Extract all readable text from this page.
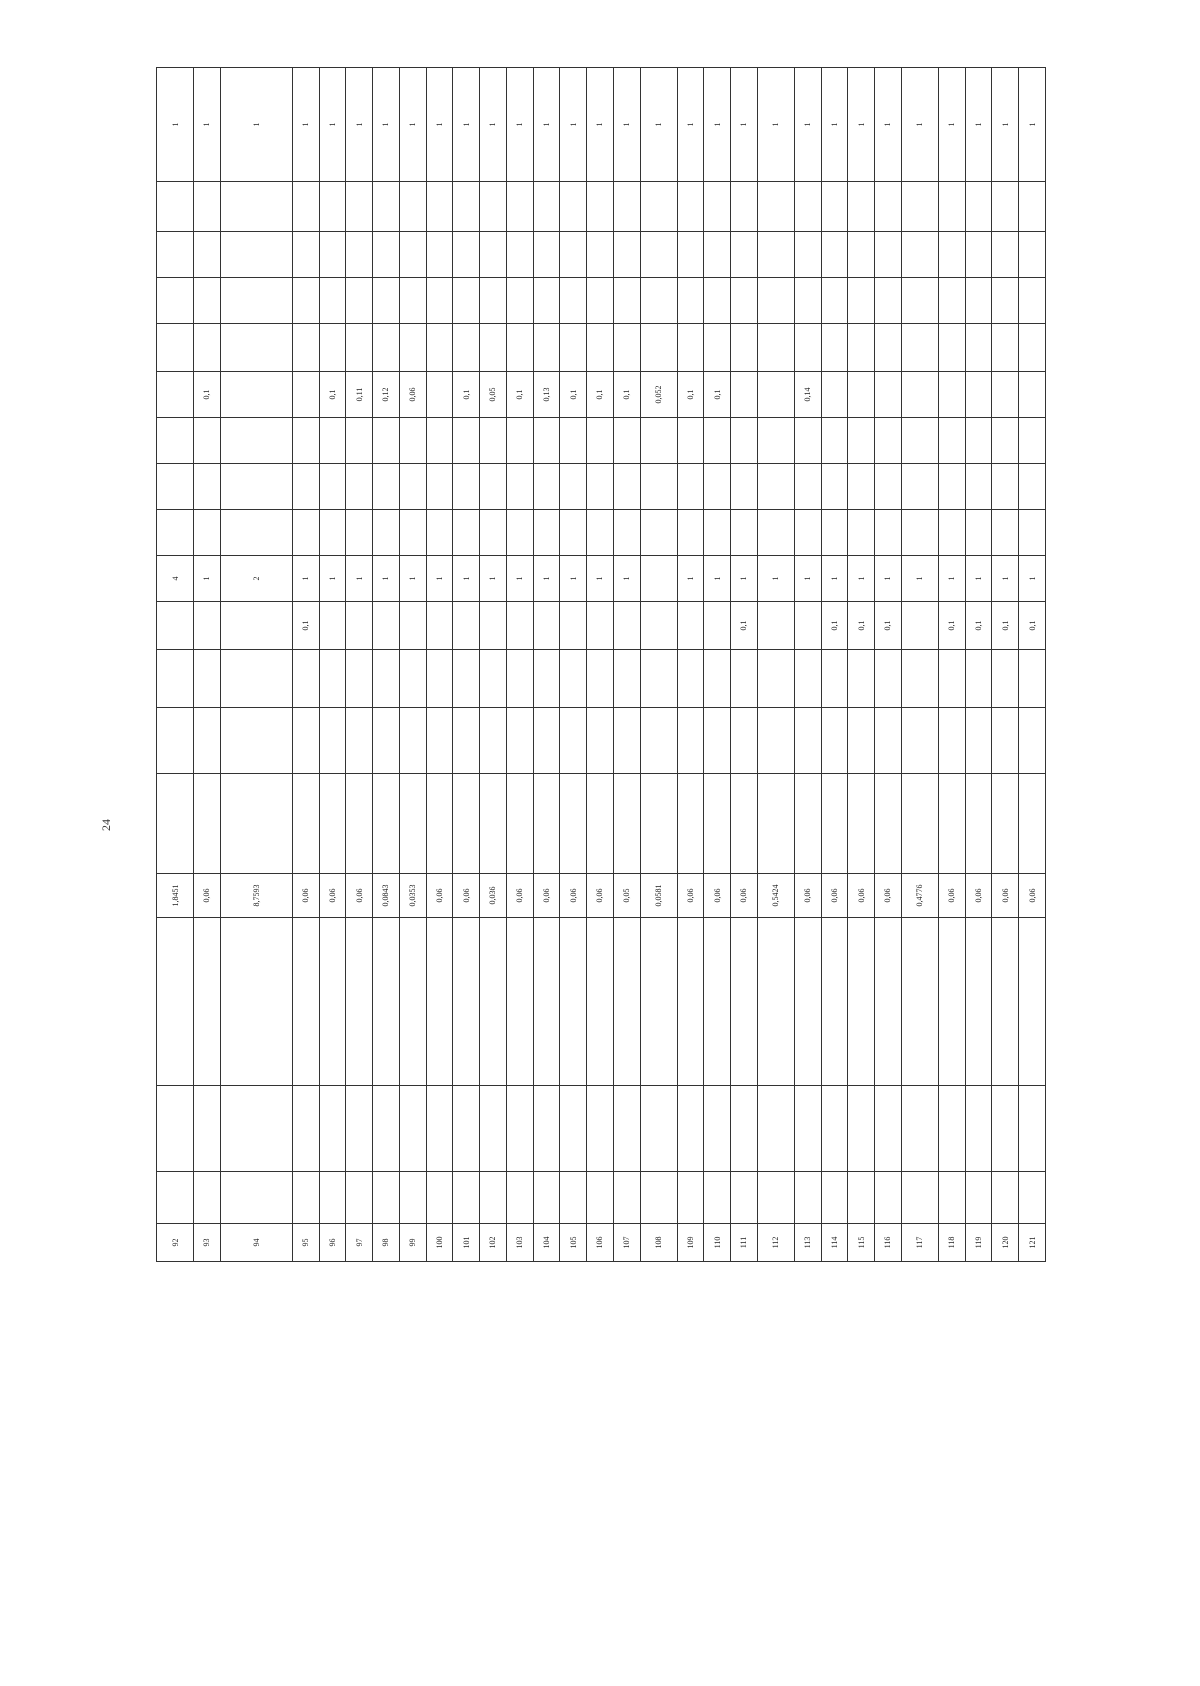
24
92				1,8451					4									1
93				0,06					1				0,1					1
94				8,7593					2									1
95				0,06				0,1	1									1
96				0,06					1				0,1					1
97				0,06					1				0,11					1
98				0,0843					1				0,12					1
99				0,0353					1				0,06					1
100				0,06					1									1
101				0,06					1				0,1					1
102				0,036					1				0,05					1
103				0,06					1				0,1					1
104				0,06					1				0,13					1
105				0,06					1				0,1					1
106				0,06					1				0,1					1
107				0,05					1				0,1					1
108				0,0581									0,052					1
109				0,06					1				0,1					1
110				0,06					1				0,1					1
111				0,06				0,1	1									1
112				0,5424					1									1
113				0,06					1				0,14					1
114				0,06				0,1	1									1
115				0,06				0,1	1									1
116				0,06				0,1	1									1
117				0,4776					1									1
118				0,06				0,1	1									1
119				0,06				0,1	1									1
120				0,06				0,1	1									1
121				0,06				0,1	1									1
